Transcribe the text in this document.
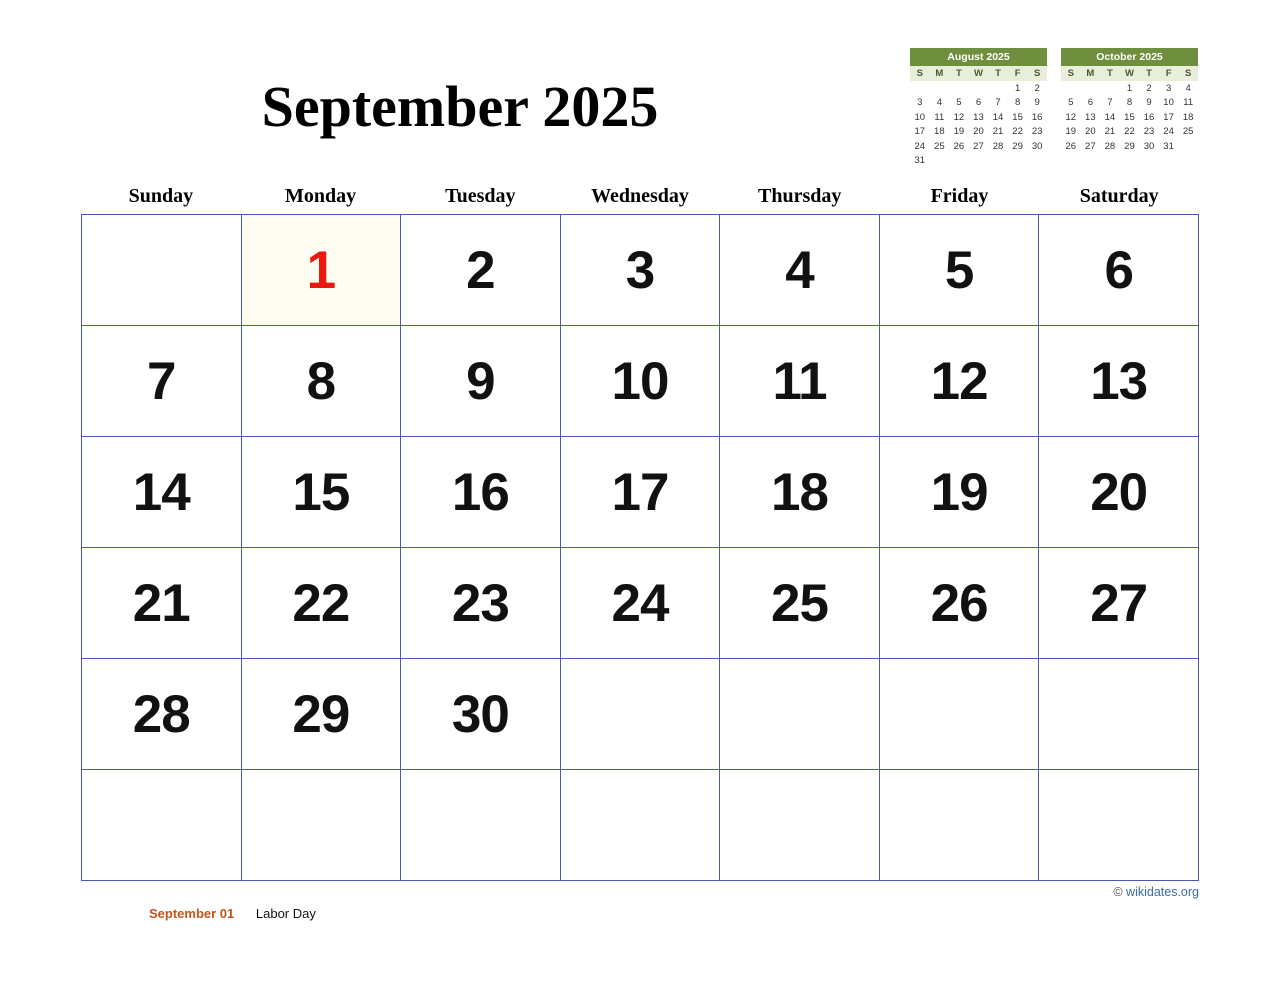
September 2025
August 2025
S	M	T	W	T	F	S
					1	2
3	4	5	6	7	8	9
10	11	12	13	14	15	16
17	18	19	20	21	22	23
24	25	26	27	28	29	30
31						
October 2025
S	M	T	W	T	F	S
			1	2	3	4
5	6	7	8	9	10	11
12	13	14	15	16	17	18
19	20	21	22	23	24	25
26	27	28	29	30	31	

Sunday	Monday	Tuesday	Wednesday	Thursday	Friday	Saturday

	1	2	3	4	5	6

7	8	9	10	11	12	13

14	15	16	17	18	19	20

21	22	23	24	25	26	27

28	29	30				

© wikidates.org
September 01 Labor Day
